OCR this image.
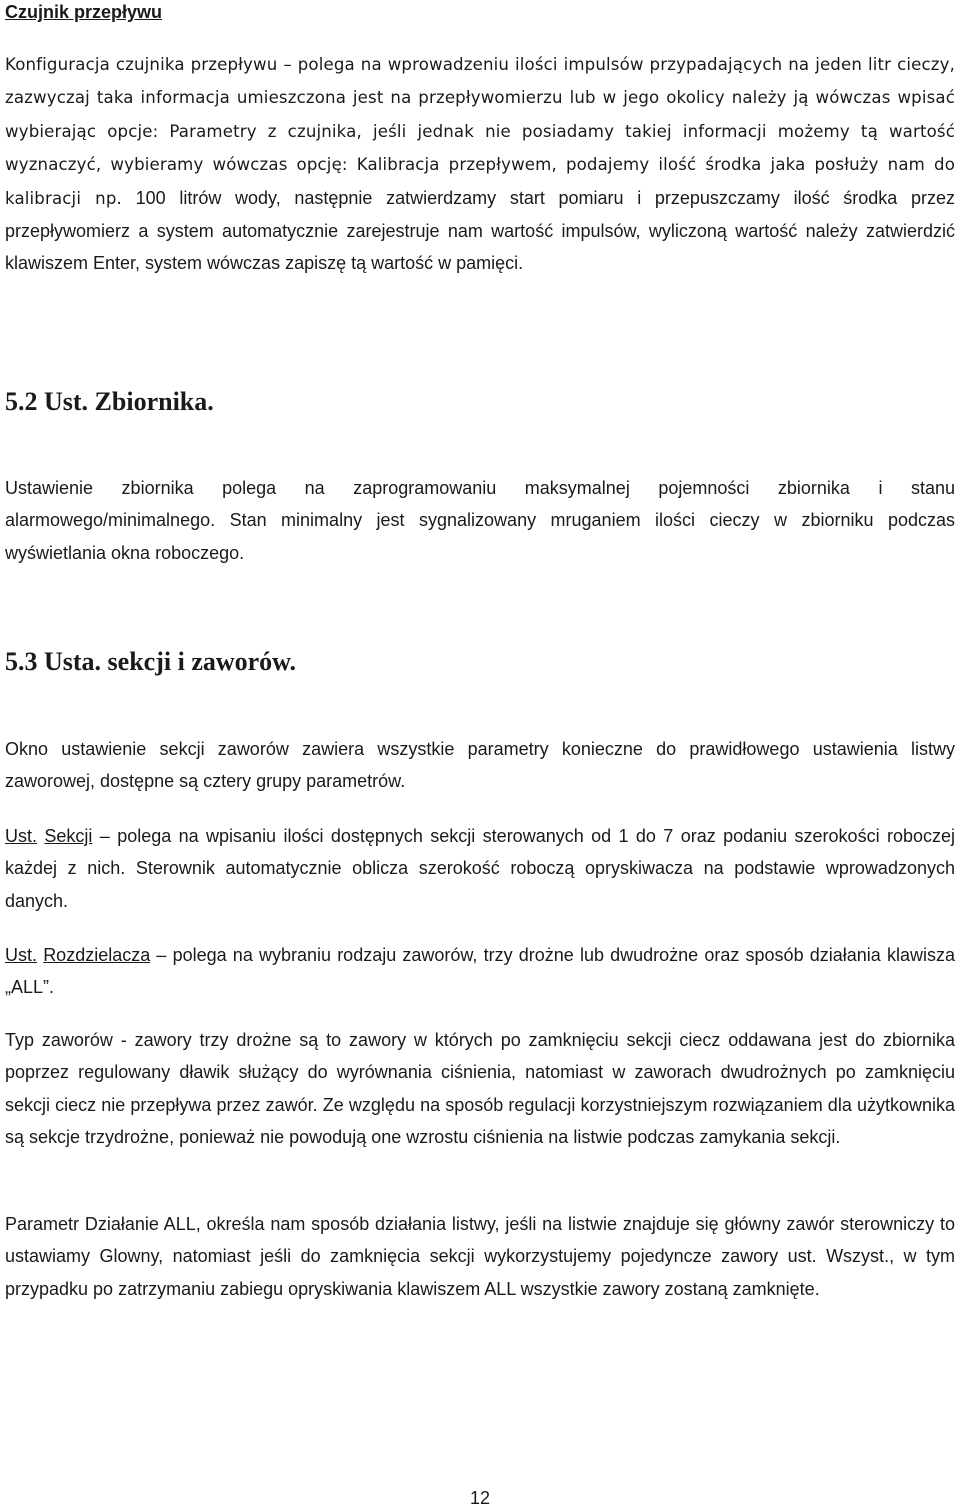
Czujnik przepływu

Konfiguracja czujnika przepływu – polega na wprowadzeniu ilości impulsów przypadających na jeden litr cieczy, zazwyczaj taka informacja umieszczona jest na przepływomierzu lub w jego okolicy należy ją wówczas wpisać wybierając opcje: Parametry z czujnika, jeśli jednak nie posiadamy takiej informacji możemy tą wartość wyznaczyć, wybieramy wówczas opcję: Kalibracja przepływem, podajemy ilość środka jaka posłuży nam do kalibracji np. 100 litrów wody, następnie zatwierdzamy start pomiaru i przepuszczamy ilość środka przez przepływomierz a system automatycznie zarejestruje nam wartość impulsów, wyliczoną wartość należy zatwierdzić klawiszem Enter, system wówczas zapiszę tą wartość w pamięci.

5.2 Ust. Zbiornika.

Ustawienie zbiornika polega na zaprogramowaniu maksymalnej pojemności zbiornika i stanu alarmowego/minimalnego. Stan minimalny jest sygnalizowany mruganiem ilości cieczy w zbiorniku podczas wyświetlania okna roboczego.

5.3 Usta. sekcji i zaworów.

Okno ustawienie sekcji zaworów zawiera wszystkie parametry konieczne do prawidłowego ustawienia listwy zaworowej, dostępne są cztery grupy parametrów.

Ust. Sekcji – polega na wpisaniu ilości dostępnych sekcji sterowanych od 1 do 7 oraz podaniu szerokości roboczej każdej z nich. Sterownik automatycznie oblicza szerokość roboczą opryskiwacza na podstawie wprowadzonych danych.

Ust. Rozdzielacza – polega na wybraniu rodzaju zaworów, trzy drożne lub dwudrożne oraz sposób działania klawisza „ALL”.

Typ zaworów - zawory trzy drożne są to zawory w których po zamknięciu sekcji ciecz oddawana jest do zbiornika poprzez regulowany dławik służący do wyrównania ciśnienia, natomiast w zaworach dwudrożnych po zamknięciu sekcji ciecz nie przepływa przez zawór. Ze względu na sposób regulacji korzystniejszym rozwiązaniem dla użytkownika są sekcje trzydrożne, ponieważ nie powodują one wzrostu ciśnienia na listwie podczas zamykania sekcji.

Parametr Działanie ALL, określa nam sposób działania listwy, jeśli na listwie znajduje się główny zawór sterowniczy to ustawiamy Glowny, natomiast jeśli do zamknięcia sekcji wykorzystujemy pojedyncze zawory ust. Wszyst., w tym przypadku po zatrzymaniu zabiegu opryskiwania klawiszem ALL wszystkie zawory zostaną zamknięte.

12
